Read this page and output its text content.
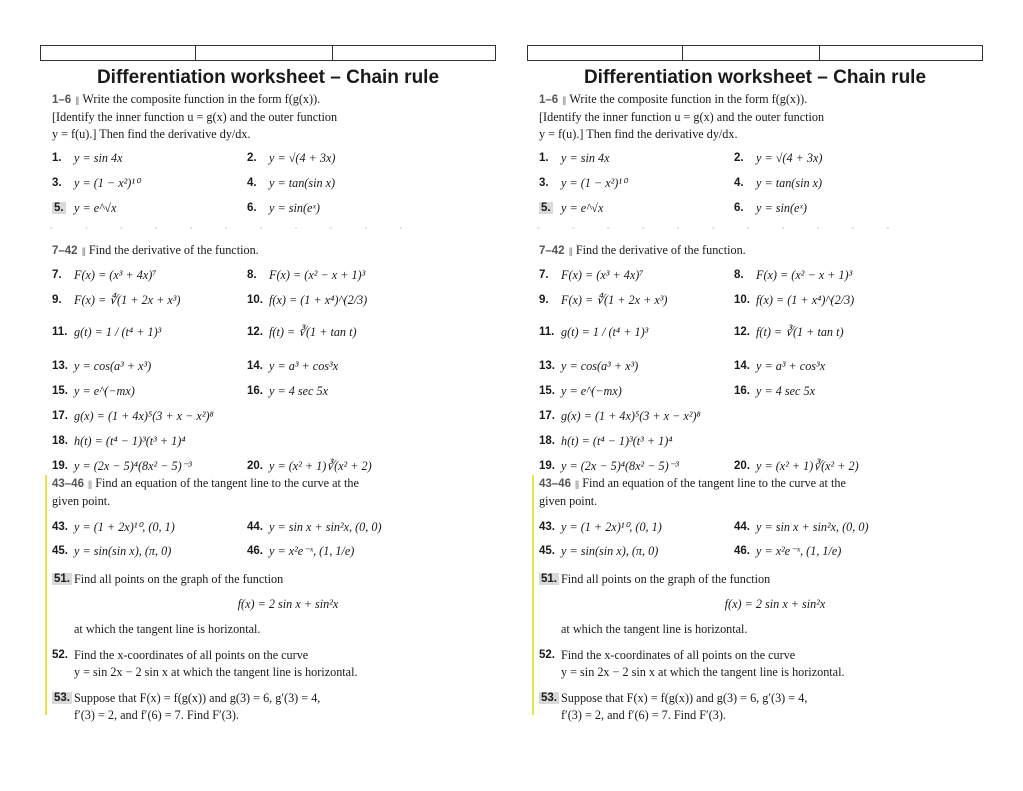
Differentiation worksheet – Chain rule
1–6 |||| Write the composite function in the form f(g(x)).
[Identify the inner function u = g(x) and the outer function
y = f(u).] Then find the derivative dy/dx.
1.	y = sin 4x	2.	y = √(4 + 3x)
3.	y = (1 − x²)¹⁰	4.	y = tan(sin x)
5. y = e^√x	6.	y = sin(eˣ)
◦	◦	◦	◦	◦	◦	◦	◦	◦	◦	◦
7–42 |||| Find the derivative of the function.
7.	F(x) = (x³ + 4x)⁷	8.	F(x) = (x² − x + 1)³
9.	F(x) = ∜(1 + 2x + x³)	10. f(x) = (1 + x⁴)^(2/3)
11. g(t) = 1 / (t⁴ + 1)³	12. f(t) = ∛(1 + tan t)
13. y = cos(a³ + x³)	14. y = a³ + cos³x
15. y = e^(−mx)	16. y = 4 sec 5x
17. g(x) = (1 + 4x)⁵(3 + x − x²)⁸
18. h(t) = (t⁴ − 1)³(t³ + 1)⁴
19. y = (2x − 5)⁴(8x² − 5)⁻³	20. y = (x² + 1)∛(x² + 2)
43–46 |||| Find an equation of the tangent line to the curve at the
given point.
43. y = (1 + 2x)¹⁰, (0, 1)	44. y = sin x + sin²x, (0, 0)
45. y = sin(sin x), (π, 0)	46. y = x²e⁻ˣ, (1, 1/e)
51. Find all points on the graph of the function
f(x) = 2 sin x + sin²x
at which the tangent line is horizontal.
52. Find the x-coordinates of all points on the curve
y = sin 2x − 2 sin x at which the tangent line is horizontal.
53. Suppose that F(x) = f(g(x)) and g(3) = 6, g′(3) = 4,
f′(3) = 2, and f′(6) = 7. Find F′(3).
Differentiation worksheet – Chain rule
1–6 |||| Write the composite function in the form f(g(x)).
[Identify the inner function u = g(x) and the outer function
y = f(u).] Then find the derivative dy/dx.
1.	y = sin 4x	2.	y = √(4 + 3x)
3.	y = (1 − x²)¹⁰	4.	y = tan(sin x)
5. y = e^√x	6.	y = sin(eˣ)
◦	◦	◦	◦	◦	◦	◦	◦	◦	◦	◦
7–42 |||| Find the derivative of the function.
7.	F(x) = (x³ + 4x)⁷	8.	F(x) = (x² − x + 1)³
9.	F(x) = ∜(1 + 2x + x³)	10. f(x) = (1 + x⁴)^(2/3)
11. g(t) = 1 / (t⁴ + 1)³	12. f(t) = ∛(1 + tan t)
13. y = cos(a³ + x³)	14. y = a³ + cos³x
15. y = e^(−mx)	16. y = 4 sec 5x
17. g(x) = (1 + 4x)⁵(3 + x − x²)⁸
18. h(t) = (t⁴ − 1)³(t³ + 1)⁴
19. y = (2x − 5)⁴(8x² − 5)⁻³	20. y = (x² + 1)∛(x² + 2)
43–46 |||| Find an equation of the tangent line to the curve at the
given point.
43. y = (1 + 2x)¹⁰, (0, 1)	44. y = sin x + sin²x, (0, 0)
45. y = sin(sin x), (π, 0)	46. y = x²e⁻ˣ, (1, 1/e)
51. Find all points on the graph of the function
f(x) = 2 sin x + sin²x
at which the tangent line is horizontal.
52. Find the x-coordinates of all points on the curve
y = sin 2x − 2 sin x at which the tangent line is horizontal.
53. Suppose that F(x) = f(g(x)) and g(3) = 6, g′(3) = 4,
f′(3) = 2, and f′(6) = 7. Find F′(3).
